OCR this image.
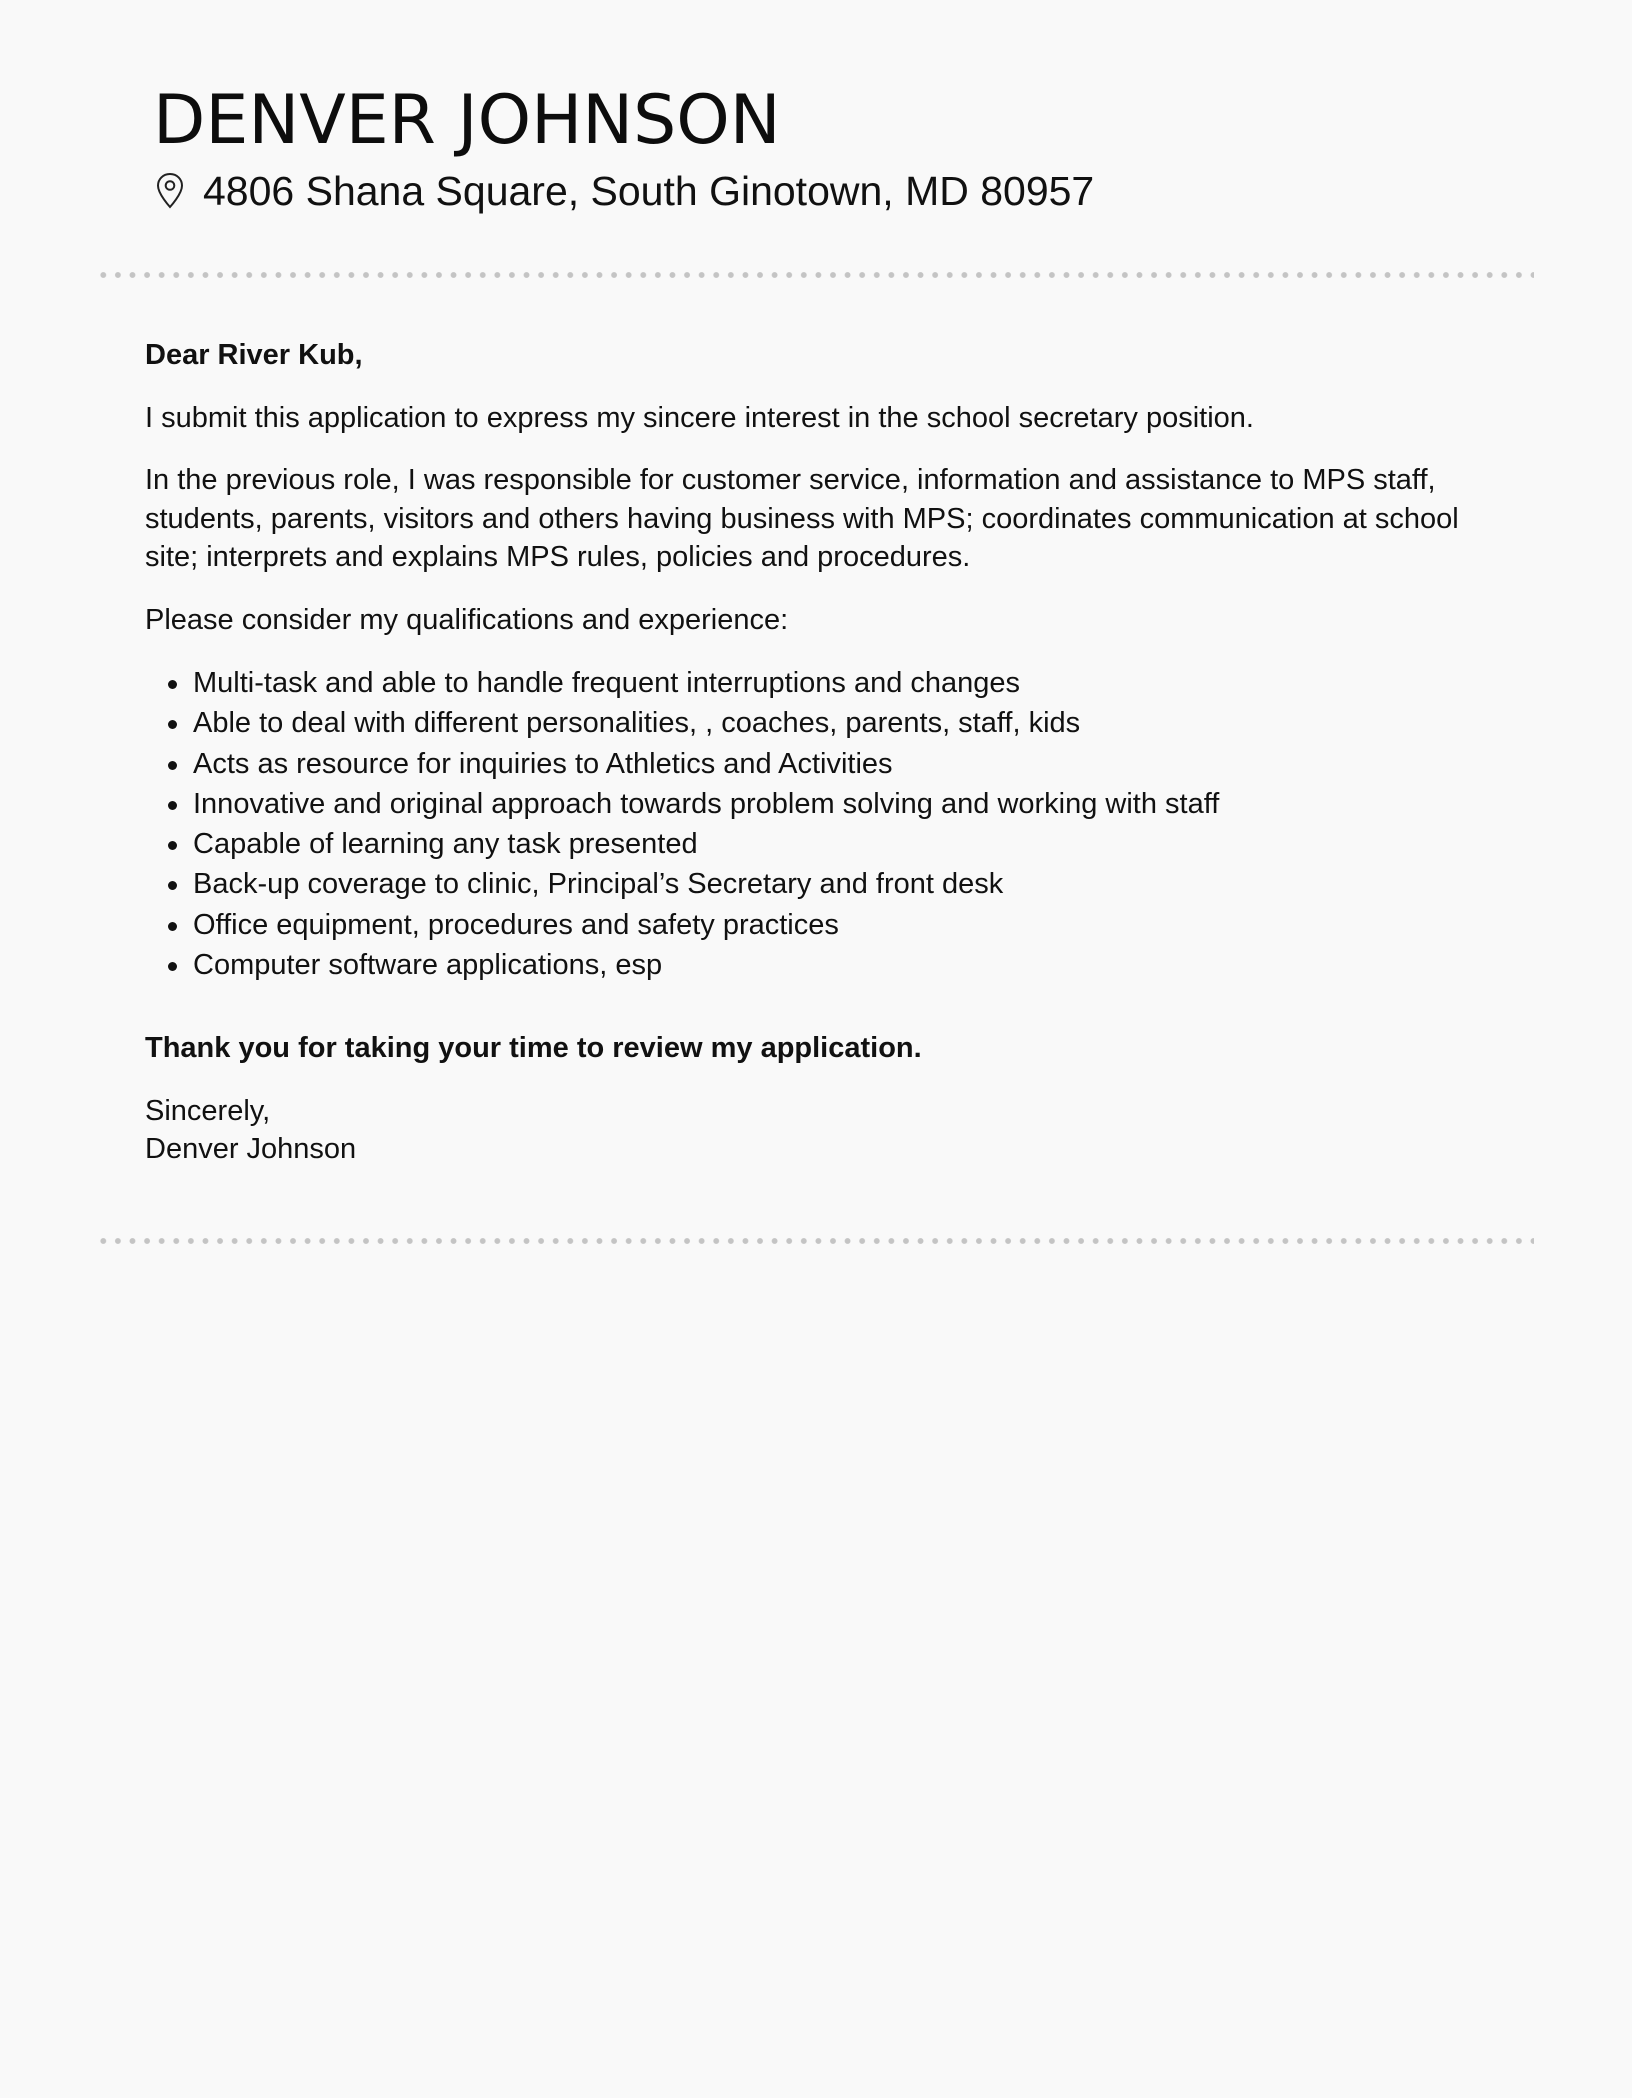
DENVER JOHNSON
4806 Shana Square, South Ginotown, MD 80957

Dear River Kub,

I submit this application to express my sincere interest in the school secretary position.

In the previous role, I was responsible for customer service, information and assistance to MPS staff, students, parents, visitors and others having business with MPS; coordinates communication at school site; interprets and explains MPS rules, policies and procedures.

Please consider my qualifications and experience:

Multi-task and able to handle frequent interruptions and changes
Able to deal with different personalities, , coaches, parents, staff, kids
Acts as resource for inquiries to Athletics and Activities
Innovative and original approach towards problem solving and working with staff
Capable of learning any task presented
Back-up coverage to clinic, Principal’s Secretary and front desk
Office equipment, procedures and safety practices
Computer software applications, esp

Thank you for taking your time to review my application.

Sincerely,
Denver Johnson
